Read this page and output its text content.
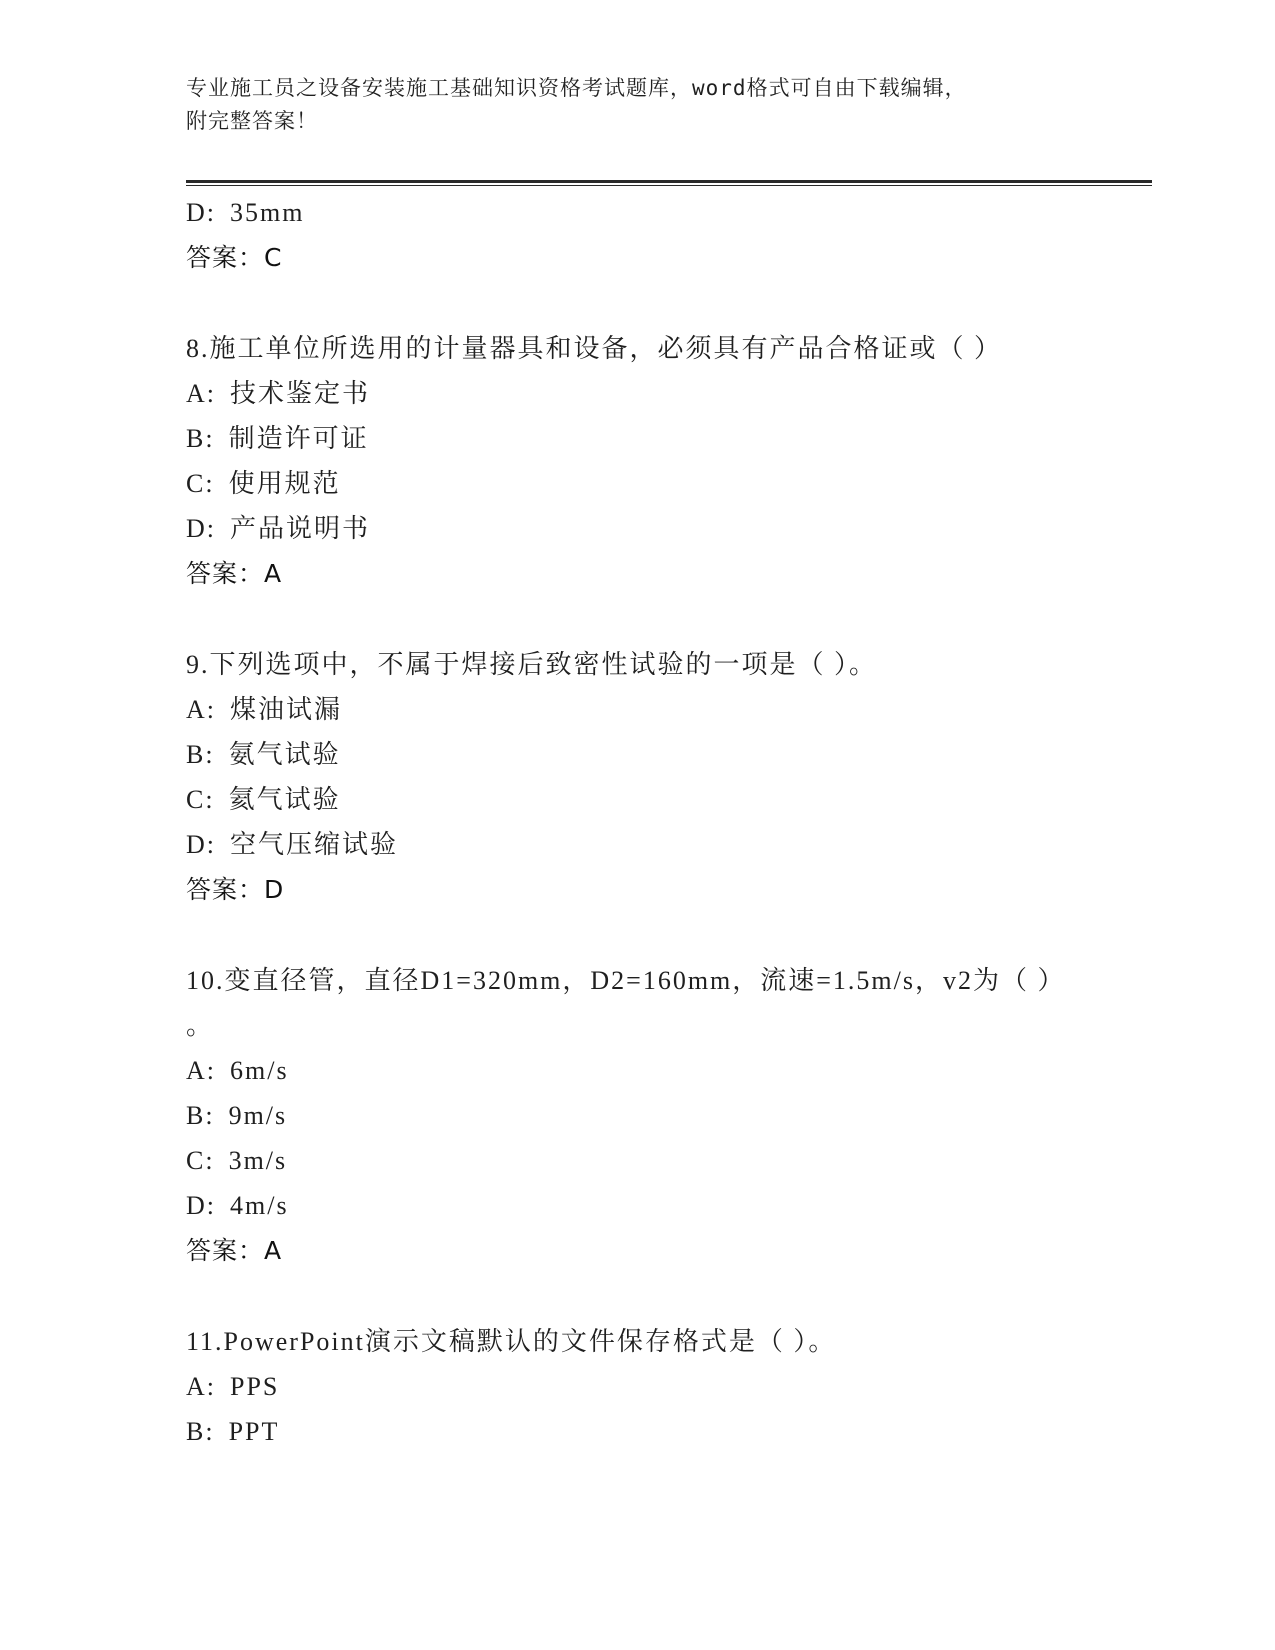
专业施工员之设备安装施工基础知识资格考试题库，word格式可自由下载编辑，
附完整答案！
D: 35mm
答案：C
8.施工单位所选用的计量器具和设备，必须具有产品合格证或（ ）
A: 技术鉴定书
B: 制造许可证
C: 使用规范
D: 产品说明书
答案：A
9.下列选项中，不属于焊接后致密性试验的一项是（ ）。
A: 煤油试漏
B: 氨气试验
C: 氦气试验
D: 空气压缩试验
答案：D
10.变直径管，直径D1=320mm，D2=160mm，流速=1.5m/s，v2为（ ）
。
A: 6m/s
B: 9m/s
C: 3m/s
D: 4m/s
答案：A
11.PowerPoint演示文稿默认的文件保存格式是（ ）。
A: PPS
B: PPT
